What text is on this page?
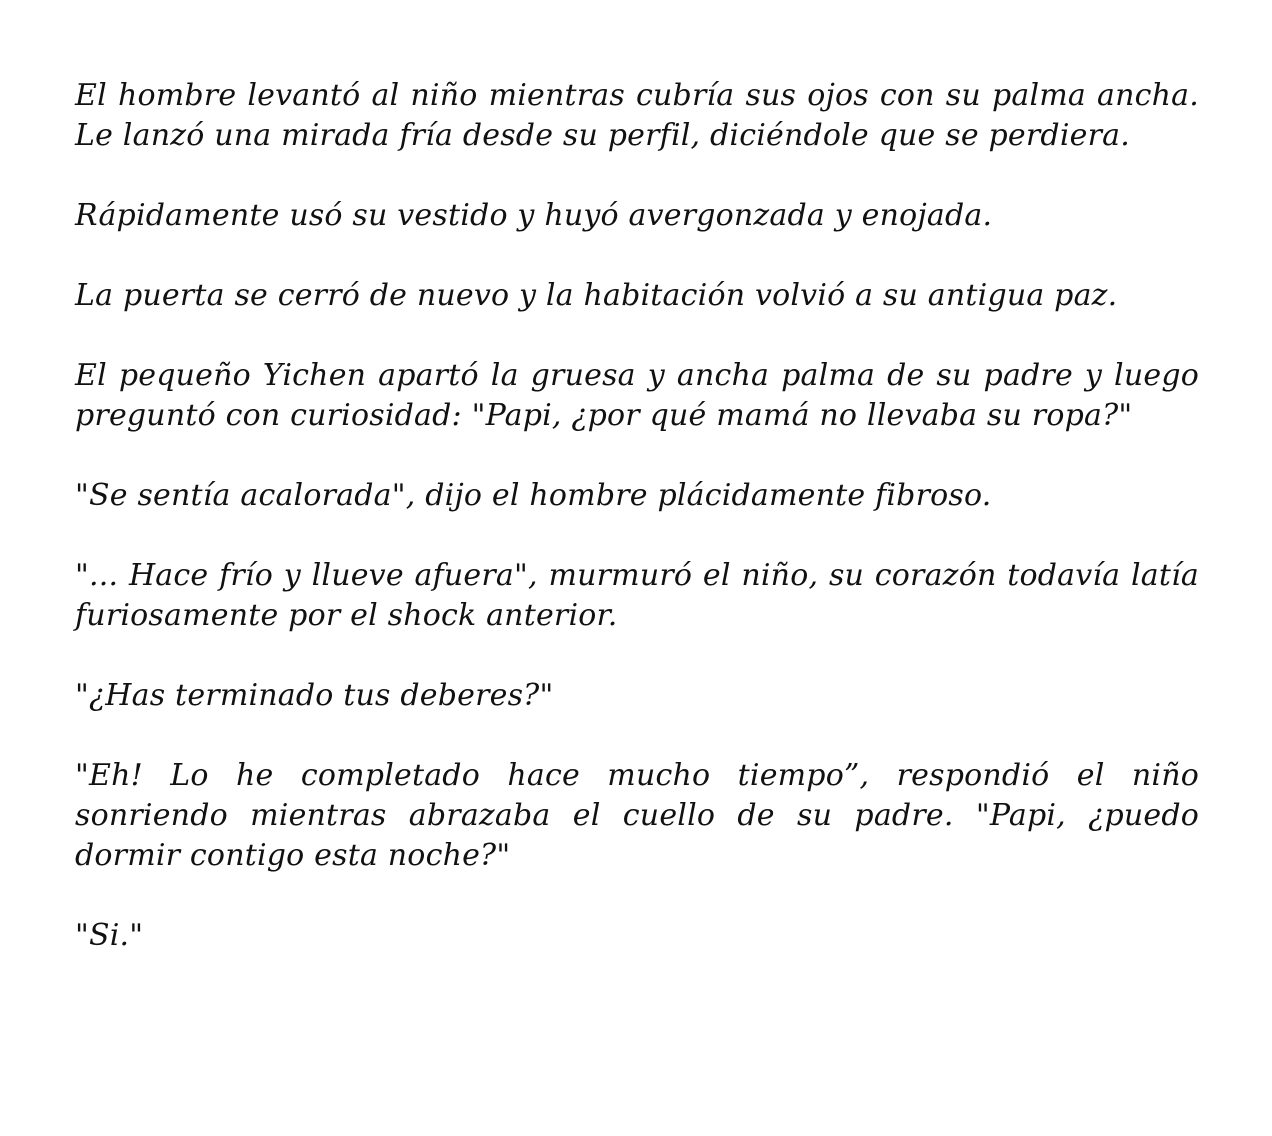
El hombre levantó al niño mientras cubría sus ojos con su palma ancha. Le lanzó una mirada fría desde su perfil, diciéndole que se perdiera.

Rápidamente usó su vestido y huyó avergonzada y enojada.

La puerta se cerró de nuevo y la habitación volvió a su antigua paz.

El pequeño Yichen apartó la gruesa y ancha palma de su padre y luego preguntó con curiosidad: "Papi, ¿por qué mamá no llevaba su ropa?"

"Se sentía acalorada", dijo el hombre plácidamente fibroso.

"... Hace frío y llueve afuera", murmuró el niño, su corazón todavía latía furiosamente por el shock anterior.

"¿Has terminado tus deberes?"

"Eh! Lo he completado hace mucho tiempo”, respondió el niño sonriendo mientras abrazaba el cuello de su padre. "Papi, ¿puedo dormir contigo esta noche?"

"Si."
